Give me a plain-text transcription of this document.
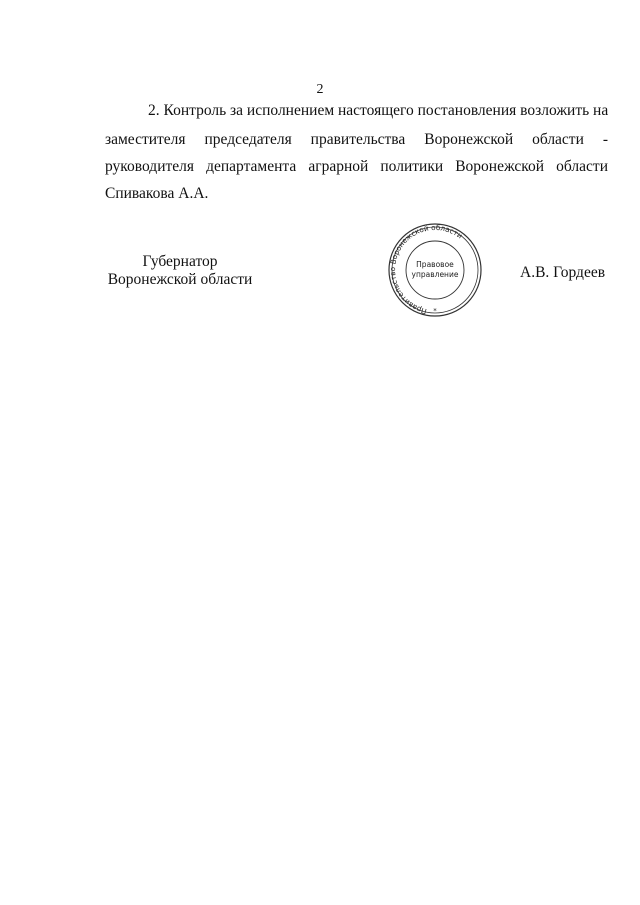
2
2. Контроль за исполнением настоящего постановления возложить на
заместителя председателя правительства Воронежской области -
руководителя департамента аграрной политики Воронежской области
Спивакова А.А.
Губернатор
Воронежской области
Правительство Воронежской области
Правовое
управление
*
А.В. Гордеев
